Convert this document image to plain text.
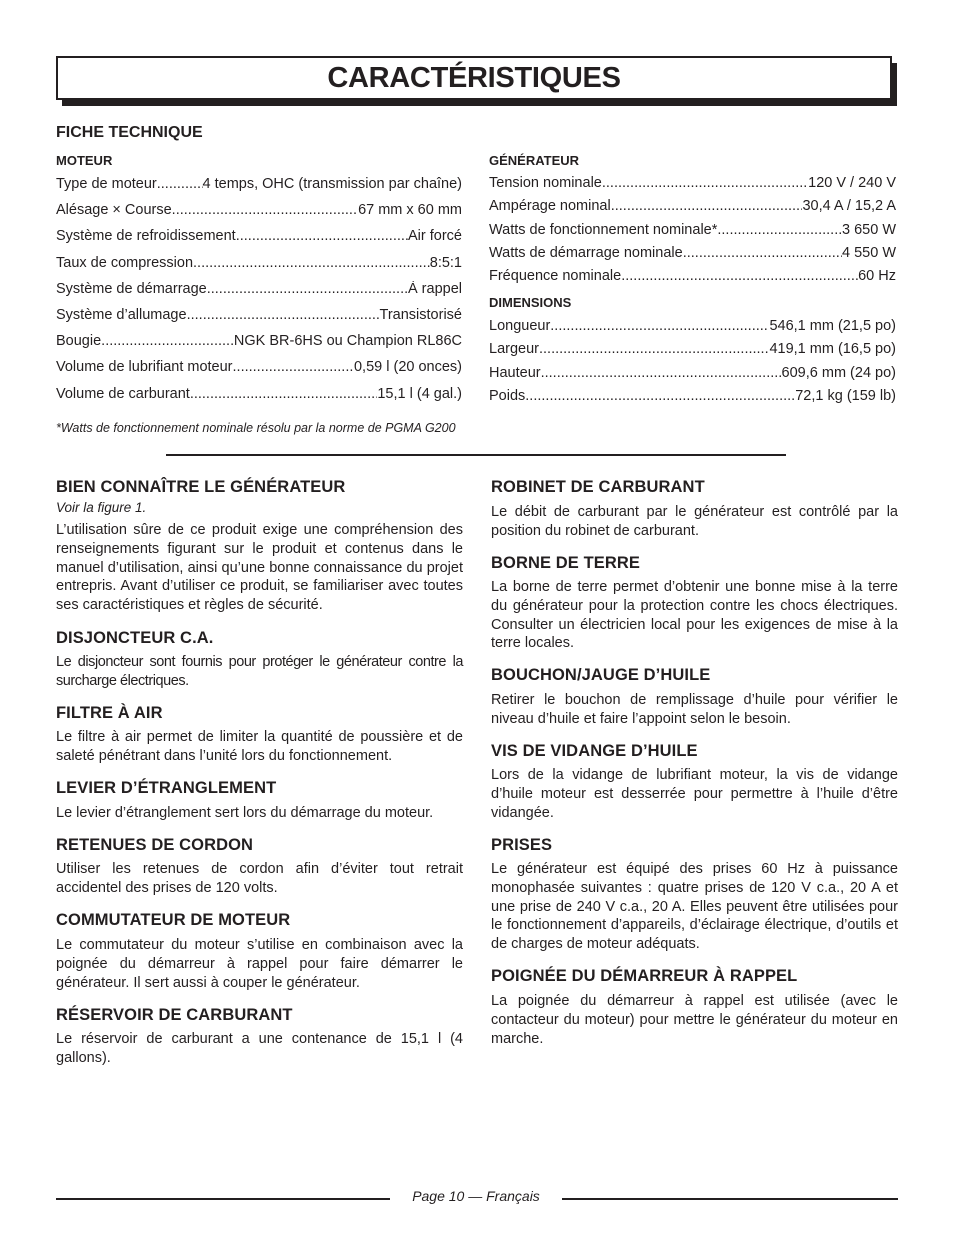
CARACTÉRISTIQUES
FICHE TECHNIQUE
MOTEUR
Type de moteur .....	4 temps, OHC (transmission par chaîne)
Alésage × Course .....	67 mm x 60 mm
Système de refroidissement .....	Air forcé
Taux de compression .....	8:5:1
Système de démarrage .....	À rappel
Système d’allumage .....	Transistorisé
Bougie. .....	NGK BR-6HS ou Champion RL86C
Volume de lubrifiant moteur .....	0,59 l (20 onces)
Volume de carburant .....	15,1 l (4 gal.)
GÉNÉRATEUR
Tension nominale .....	120 V / 240 V
Ampérage nominal .....	30,4 A / 15,2 A
Watts de fonctionnement nominale* .....	3 650 W
Watts de démarrage nominale .....	4 550 W
Fréquence nominale .....	60 Hz
DIMENSIONS
Longueur .....	546,1 mm (21,5 po)
Largeur .....	419,1 mm (16,5 po)
Hauteur .....	609,6 mm (24 po)
Poids .....	72,1 kg (159 lb)
*Watts de fonctionnement nominale résolu par la norme de PGMA G200
BIEN CONNAÎTRE LE GÉNÉRATEUR
Voir la figure 1.
L’utilisation sûre de ce produit exige une compréhension des renseignements figurant sur le produit et contenus dans le manuel d’utilisation, ainsi qu’une bonne connaissance du projet entrepris. Avant d’utiliser ce produit, se familiariser avec toutes ses caractéristiques et règles de sécurité.
DISJONCTEUR C.A.
Le disjoncteur sont fournis pour protéger le générateur contre la surcharge électriques.
FILTRE À AIR
Le filtre à air permet de limiter la quantité de poussière et de saleté pénétrant dans l’unité lors du fonctionnement.
LEVIER D’ÉTRANGLEMENT
Le levier d’étranglement sert lors du démarrage du moteur.
RETENUES DE CORDON
Utiliser les retenues de cordon afin d’éviter tout retrait accidentel des prises de 120 volts.
COMMUTATEUR DE MOTEUR
Le commutateur du moteur s’utilise en combinaison avec la poignée du démarreur à rappel pour faire démarrer le générateur. Il sert aussi à couper le générateur.
RÉSERVOIR DE CARBURANT
Le réservoir de carburant a une contenance de 15,1 l (4 gallons).
ROBINET DE CARBURANT
Le débit de carburant par le générateur est contrôlé par la position du robinet de carburant.
BORNE DE TERRE
La borne de terre permet d’obtenir une bonne mise à la terre du générateur pour la protection contre les chocs électriques. Consulter un électricien local pour les exigences de mise à la terre locales.
BOUCHON/JAUGE D’HUILE
Retirer le bouchon de remplissage d’huile pour vérifier le niveau d’huile et faire l’appoint selon le besoin.
VIS DE VIDANGE D’HUILE
Lors de la vidange de lubrifiant moteur, la vis de vidange d’huile moteur est desserrée pour permettre à l’huile d’être vidangée.
PRISES
Le générateur est équipé des prises 60 Hz à puissance monophasée suivantes : quatre prises de 120 V c.a., 20 A et une prise de 240 V c.a., 20 A. Elles peuvent être utilisées pour le fonctionnement d’appareils, d’éclairage électrique, d’outils et de charges de moteur adéquats.
POIGNÉE DU DÉMARREUR À RAPPEL
La poignée du démarreur à rappel est utilisée (avec le contacteur du moteur) pour mettre le générateur du moteur en marche.
Page 10 — Français
